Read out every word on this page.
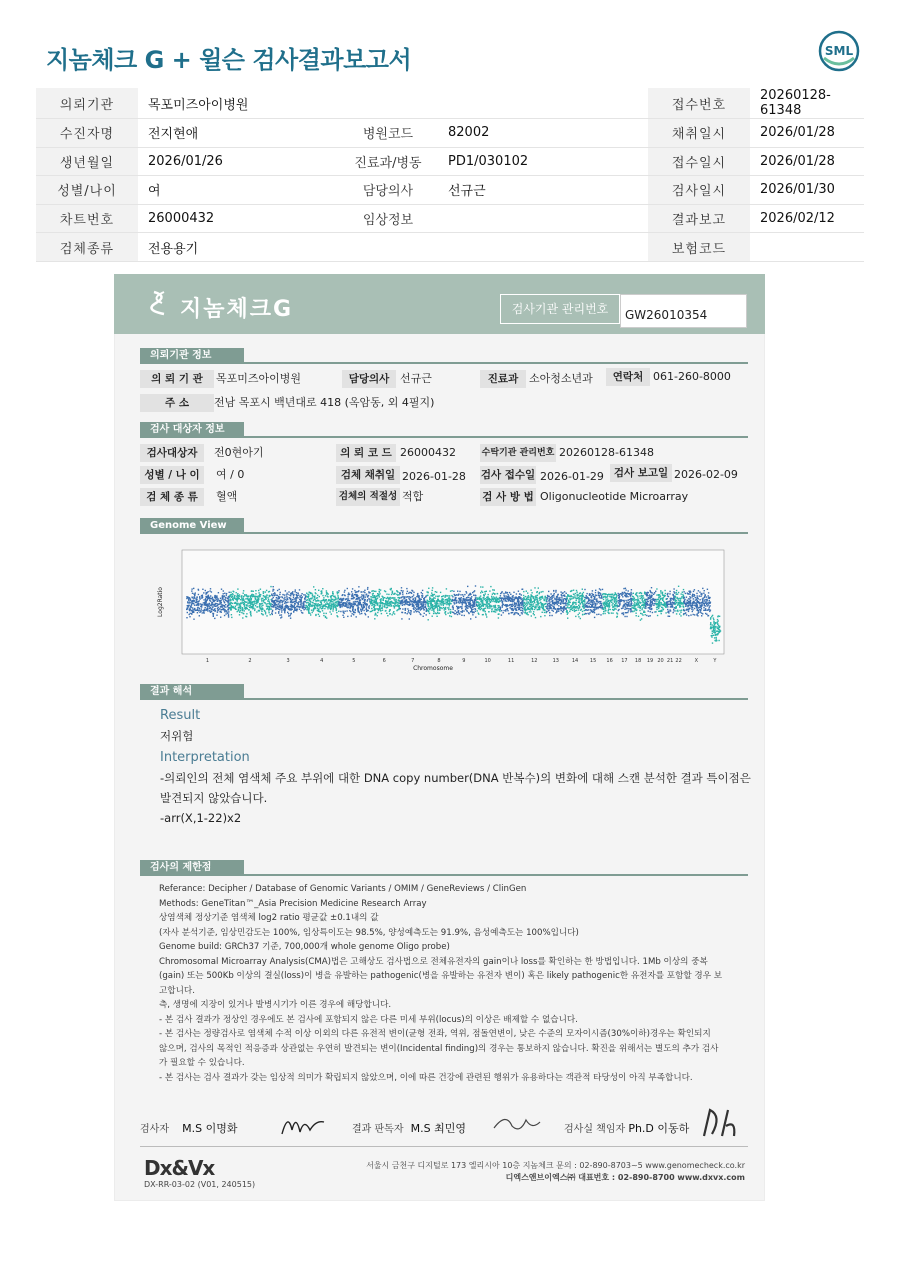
지놈체크 G + 윌슨 검사결과보고서	SML
의뢰기관	목포미즈아이병원				접수번호	20260128-61348
수진자명	전지현애	병원코드	82002		채취일시	2026/01/28
생년월일	2026/01/26	진료과/병동	PD1/030102		접수일시	2026/01/28
성별/나이	여	담당의사	선규근		검사일시	2026/01/30
차트번호	26000432	임상정보			결과보고	2026/02/12
검체종류	전용용기				보험코드	
지놈체크G	검사기관 관리번호	GW26010354
의뢰기관 정보
의 뢰 기 관	목포미즈아이병원	담당의사 선규근	진료과 소아청소년과	연락처 061-260-8000
주 소	전남 목포시 백년대로 418 (옥암동, 외 4필지)
검사 대상자 정보
검사대상자	전0현아기	의 뢰 코 드 26000432	수탁기관 관리번호 20260128-61348
성별 / 나 이	여 / 0	검체 채취일 2026-01-28 검사 접수일 2026-01-29 검사 보고일 2026-02-09
검 체 종 류	혈액	검체의 적절성 적합	검 사 방 법 Oligonucleotide Microarray
Genome View
1	2	3	4	5	6	7	8	9	10	11	12	13	14 15 16 17 18 19 20 21 22	X	Y
Chromosome
Log2Ratio
결과 해석
Result
저위험
Interpretation
-의뢰인의 전체 염색체 주요 부위에 대한 DNA copy number(DNA 반복수)의 변화에 대해 스캔 분석한 결과 특이점은
발견되지 않았습니다.
-arr(X,1-22)x2
검사의 제한점
Referance: Decipher / Database of Genomic Variants / OMIM / GeneReviews / ClinGen
Methods: GeneTitan™_Asia Precision Medicine Research Array
상염색체 정상기준 염색체 log2 ratio 평균값 ±0.1내의 값
(자사 분석기준, 임상민감도는 100%, 임상특이도는 98.5%, 양성예측도는 91.9%, 음성예측도는 100%입니다)
Genome build: GRCh37 기준, 700,000개 whole genome Oligo probe)
Chromosomal Microarray Analysis(CMA)법은 고해상도 검사법으로 전체유전자의 gain이나 loss를 확인하는 한 방법입니다. 1Mb 이상의 중복
(gain) 또는 500Kb 이상의 결실(loss)이 병을 유발하는 pathogenic(병을 유발하는 유전자 변이) 혹은 likely pathogenic한 유전자를 포함할 경우 보
고합니다.
측, 생명에 지장이 있거나 발병시기가 이른 경우에 해당합니다.
- 본 검사 결과가 정상인 경우에도 본 검사에 포함되지 않은 다른 미세 부위(locus)의 이상은 배제할 수 없습니다.
- 본 검사는 정량검사로 염색체 수적 이상 이외의 다른 유전적 변이(균형 전좌, 역위, 점돌연변이, 낮은 수준의 모자이시즘(30%이하)경우는 확인되지
않으며, 검사의 목적인 적응증과 상관없는 우연히 발견되는 변이(Incidental finding)의 경우는 통보하지 않습니다. 확진을 위해서는 별도의 추가 검사
가 필요할 수 있습니다.
- 본 검사는 검사 결과가 갖는 임상적 의미가 확립되지 않았으며, 이에 따른 건강에 관련된 행위가 유용하다는 객관적 타당성이 아직 부족합니다.
검사자 M.S 이명화	결과 판독자 M.S 최민영	검사실 책임자 Ph.D 이동하
Dx&Vx
DX-RR-03-02 (V01, 240515)
서울시 금천구 디지털로 173 엘리시아 10층 지놈체크 문의 : 02-890-8703~5 www.genomecheck.co.kr
디엑스앤브이엑스㈜ 대표번호 : 02-890-8700 www.dxvx.com
